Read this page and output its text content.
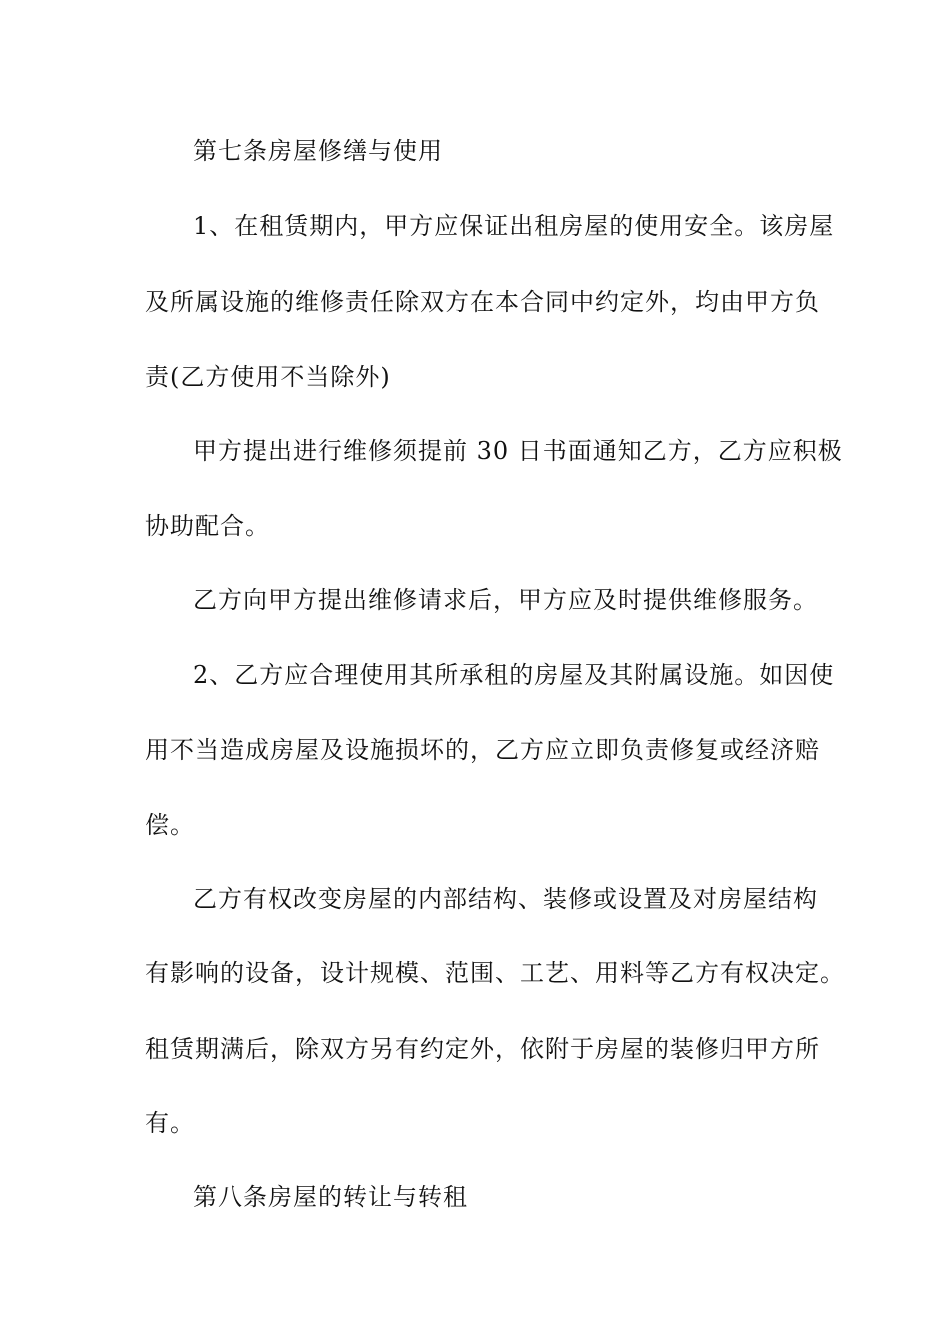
第七条房屋修缮与使用
1、在租赁期内，甲方应保证出租房屋的使用安全。该房屋
及所属设施的维修责任除双方在本合同中约定外，均由甲方负
责(乙方使用不当除外)
甲方提出进行维修须提前 30 日书面通知乙方，乙方应积极
协助配合。
乙方向甲方提出维修请求后，甲方应及时提供维修服务。
2、乙方应合理使用其所承租的房屋及其附属设施。如因使
用不当造成房屋及设施损坏的，乙方应立即负责修复或经济赔
偿。
乙方有权改变房屋的内部结构、装修或设置及对房屋结构
有影响的设备，设计规模、范围、工艺、用料等乙方有权决定。
租赁期满后，除双方另有约定外，依附于房屋的装修归甲方所
有。
第八条房屋的转让与转租
